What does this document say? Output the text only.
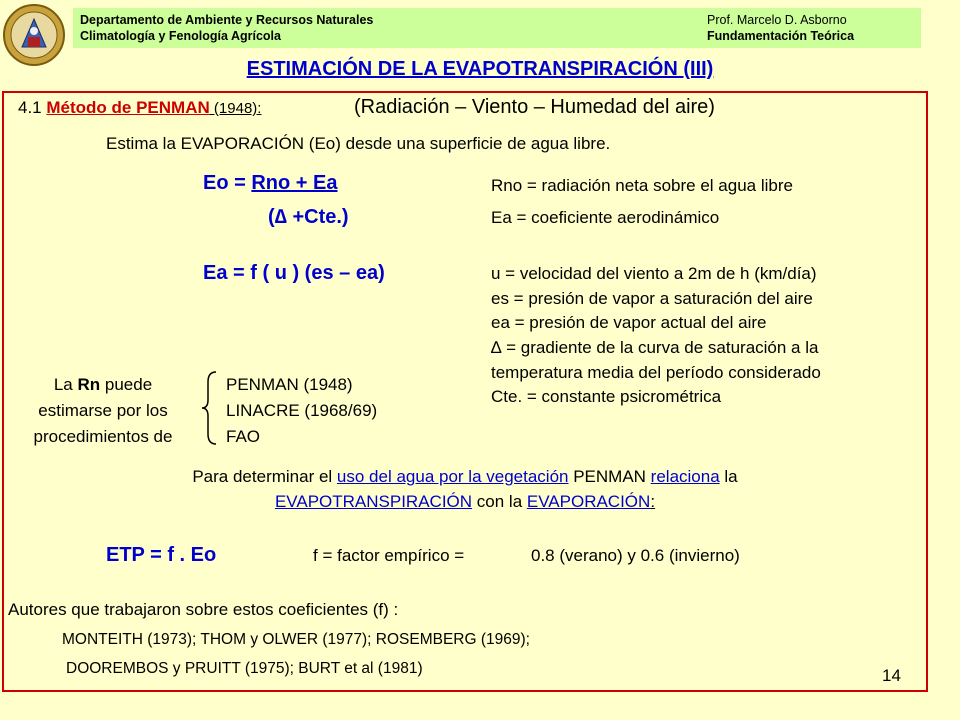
Departamento de Ambiente y Recursos Naturales
Climatología y Fenología Agrícola
Prof. Marcelo D. Asborno
Fundamentación Teórica
ESTIMACIÓN DE LA EVAPOTRANSPIRACIÓN (III)
4.1 Método de PENMAN (1948):	(Radiación – Viento – Humedad del aire)
Estima la EVAPORACIÓN (Eo) desde una superficie de agua libre.
Eo = Rno + Ea
(∆ +Cte.)
Ea = f ( u ) (es – ea)
Rno = radiación neta sobre el agua libre
Ea = coeficiente aerodinámico
u = velocidad del viento a 2m de h (km/día)
es = presión de vapor a saturación del aire
ea = presión de vapor actual del aire
∆ = gradiente de la curva de saturación a la
temperatura media del período considerado
Cte. = constante psicrométrica
La Rn puede
estimarse por los
procedimientos de
PENMAN (1948)
LINACRE (1968/69)
FAO
Para determinar el uso del agua por la vegetación PENMAN relaciona la
EVAPOTRANSPIRACIÓN con la EVAPORACIÓN:
ETP = f . Eo	f = factor empírico =	0.8 (verano) y 0.6 (invierno)
Autores que trabajaron sobre estos coeficientes (f) :
MONTEITH (1973); THOM y OLWER (1977); ROSEMBERG (1969);
DOOREMBOS y PRUITT (1975); BURT et al (1981)	14
